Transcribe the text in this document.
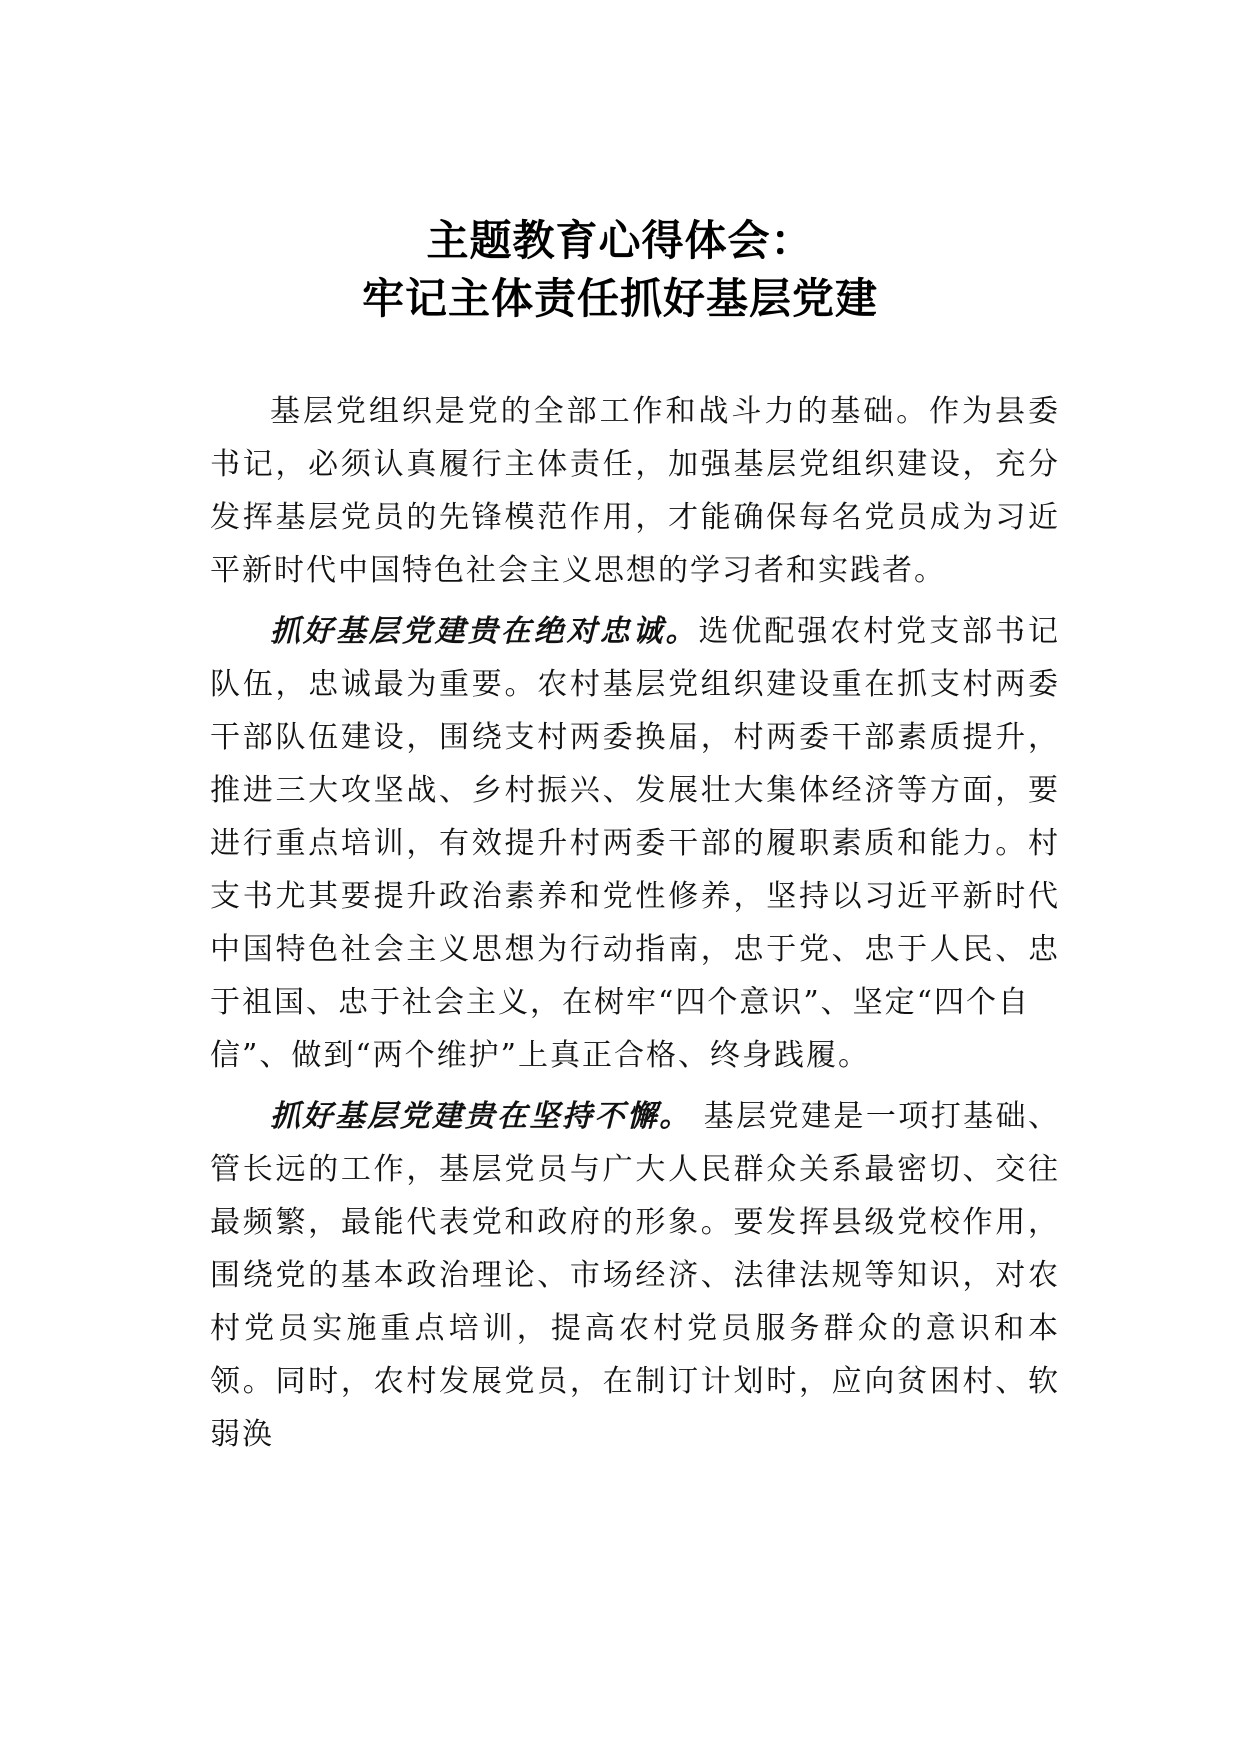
主题教育心得体会：
牢记主体责任抓好基层党建

基层党组织是党的全部工作和战斗力的基础。作为县委书记，必须认真履行主体责任，加强基层党组织建设，充分发挥基层党员的先锋模范作用，才能确保每名党员成为习近平新时代中国特色社会主义思想的学习者和实践者。

抓好基层党建贵在绝对忠诚。选优配强农村党支部书记队伍，忠诚最为重要。农村基层党组织建设重在抓支村两委干部队伍建设，围绕支村两委换届，村两委干部素质提升，推进三大攻坚战、乡村振兴、发展壮大集体经济等方面，要进行重点培训，有效提升村两委干部的履职素质和能力。村支书尤其要提升政治素养和党性修养，坚持以习近平新时代中国特色社会主义思想为行动指南，忠于党、忠于人民、忠于祖国、忠于社会主义，在树牢“四个意识”、坚定“四个自
信”、做到“两个维护”上真正合格、终身践履。

抓好基层党建贵在坚持不懈。 基层党建是一项打基础、管长远的工作，基层党员与广大人民群众关系最密切、交往最频繁，最能代表党和政府的形象。要发挥县级党校作用，围绕党的基本政治理论、市场经济、法律法规等知识，对农村党员实施重点培训，提高农村党员服务群众的意识和本领。同时，农村发展党员，在制订计划时，应向贫困村、软弱涣
